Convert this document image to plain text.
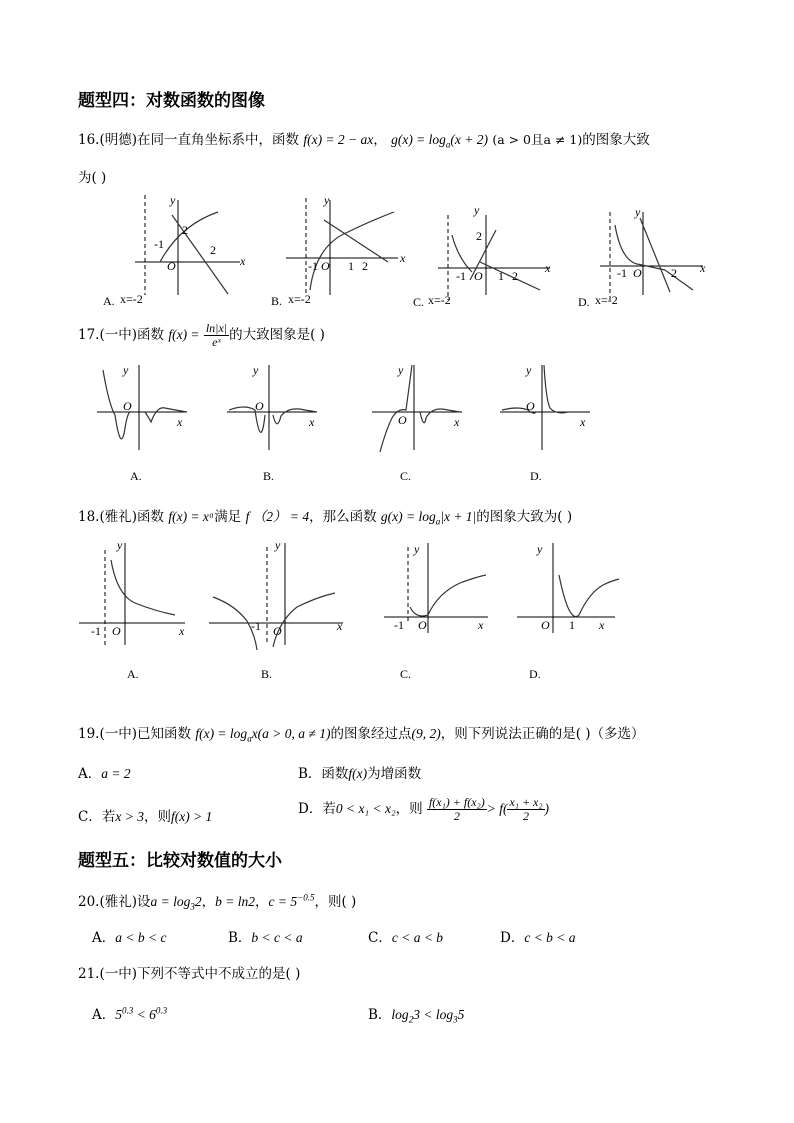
题型四：对数函数的图像
16.(明德)在同一直角坐标系中，函数 f(x) = 2 − ax， $g(x) = \log_a(x + 2) (a > 0$且a ≠ 1)的图象大致
为( )
y
x
O
-1
2
2
A. x=-2
y
x
O
-1	1 2
B. x=-2
y
x
O
-1	1 2
2
C. x=-2
y
x
O
-1	2
D. x=-2
17.(一中)函数 $f(x) = \frac{\ln|x|}{\text{eˣ}}$ 的大致图象是( )
y
x
O
A.
y
x
O
B.
y
x
O
C.
y
x
O
D.
18.(雅礼)函数 f(x) = xᵃ满足 f （2） = 4，那么函数 $g(x) = \log_a|x + 1|$的图象大致为( )
y
x
O
-1
A.
y
x
O
-1
B.
y
x
O
-1
C.
y
x
O 1
D.
19.(一中)已知函数 $f(x) = \log_ax(a > 0$, a ≠ 1)的图象经过点(9, 2)，则下列说法正确的是( )（多选）
A．a = 2	B．函数f(x)为增函数
C．若x > 3，则f(x) > 1	D．若0 < x₁ < x₂，则 $\frac{\text{f(x₁) + f(x₂)}}{2} > f( \frac{\text{x₁ + x₂}}{2}$ )
题型五：比较对数值的大小
20.(雅礼)设$a = \log_32$，b = ln2，$c = 5^{-0.5}$，则( )
A．a < b < c	B．b < c < a	C．c < a < b	D．c < b < a
21.(一中)下列不等式中不成立的是( )
A．$5^{0.3} < 6^{0.3}$	B．$\log_23 < \log_35$
